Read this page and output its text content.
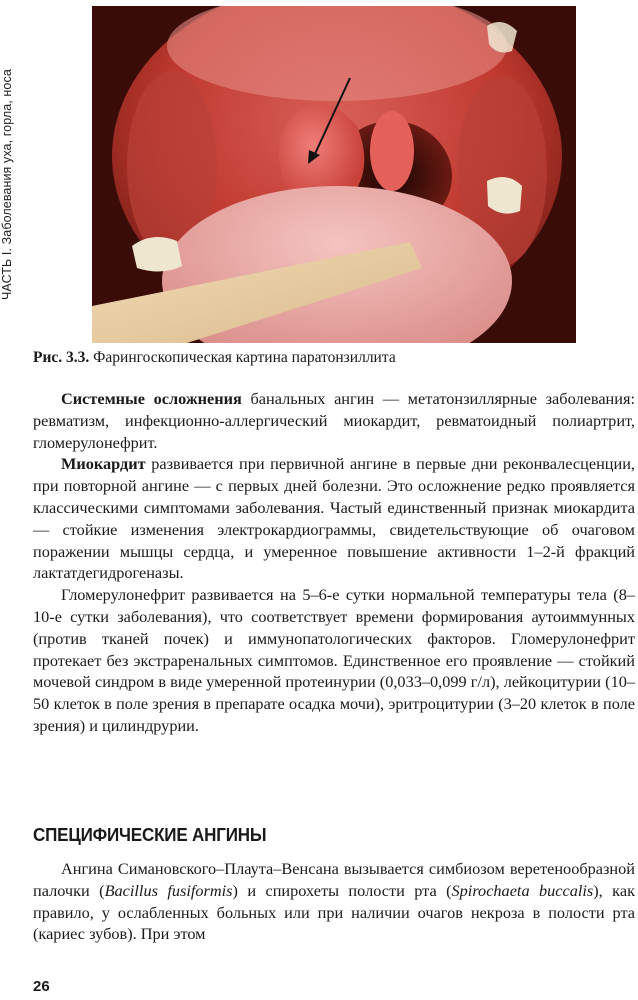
ЧАСТЬ I. Заболевания уха, горла, носа
Рис. 3.3. Фарингоскопическая картина паратонзиллита

Системные осложнения банальных ангин — метатонзиллярные заболевания: ревматизм, инфекционно-аллергический миокардит, ревматоидный полиартрит, гломерулонефрит.

Миокардит развивается при первичной ангине в первые дни реконвалесценции, при повторной ангине — с первых дней болезни. Это осложнение редко проявляется классическими симптомами заболевания. Частый единственный признак миокардита — стойкие изменения электрокардиограммы, свидетельствующие об очаговом поражении мышцы сердца, и умеренное повышение активности 1–2-й фракций лактатдегидрогеназы.

Гломерулонефрит развивается на 5–6-е сутки нормальной температуры тела (8–10-е сутки заболевания), что соответствует времени формирования аутоиммунных (против тканей почек) и иммунопатологических факторов. Гломерулонефрит протекает без экстраренальных симптомов. Единственное его проявление — стойкий мочевой синдром в виде умеренной протеинурии (0,033–0,099 г/л), лейкоцитурии (10–50 клеток в поле зрения в препарате осадка мочи), эритроцитурии (3–20 клеток в поле зрения) и цилиндрурии.

СПЕЦИФИЧЕСКИЕ АНГИНЫ

Ангина Симановского–Плаута–Венсана вызывается симбиозом веретенообразной палочки (Bacillus fusiformis) и спирохеты полости рта (Spirochaeta buccalis), как правило, у ослабленных больных или при наличии очагов некроза в полости рта (кариес зубов). При этом

26
